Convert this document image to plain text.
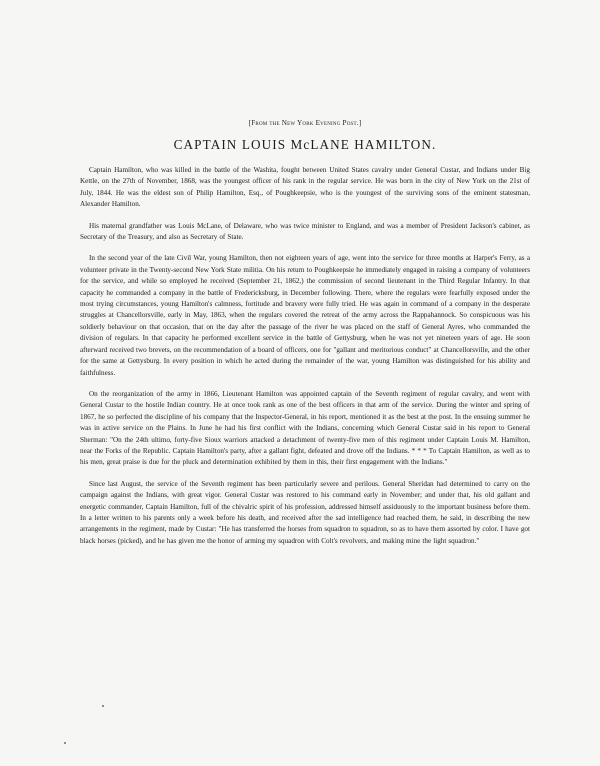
[From the New York Evening Post.]

CAPTAIN LOUIS McLANE HAMILTON.

Captain Hamilton, who was killed in the battle of the Washita, fought between United States cavalry under General Custar, and Indians under Big Kettle, on the 27th of November, 1868, was the youngest officer of his rank in the regular service. He was born in the city of New York on the 21st of July, 1844. He was the eldest son of Philip Hamilton, Esq., of Poughkeepsie, who is the youngest of the surviving sons of the eminent statesman, Alexander Hamilton.

His maternal grandfather was Louis McLane, of Delaware, who was twice minister to England, and was a member of President Jackson's cabinet, as Secretary of the Treasury, and also as Secretary of State.

In the second year of the late Civil War, young Hamilton, then not eighteen years of age, went into the service for three months at Harper's Ferry, as a volunteer private in the Twenty-second New York State militia. On his return to Poughkeepsie he immediately engaged in raising a company of volunteers for the service, and while so employed he received (September 21, 1862,) the commission of second lieutenant in the Third Regular Infantry. In that capacity he commanded a company in the battle of Fredericksburg, in December following. There, where the regulars were fearfully exposed under the most trying circumstances, young Hamilton's calmness, fortitude and bravery were fully tried. He was again in command of a company in the desperate struggles at Chancellorsville, early in May, 1863, when the regulars covered the retreat of the army across the Rappahannock. So conspicuous was his soldierly behaviour on that occasion, that on the day after the passage of the river he was placed on the staff of General Ayres, who commanded the division of regulars. In that capacity he performed excellent service in the battle of Gettysburg, when he was not yet nineteen years of age. He soon afterward received two brevets, on the recommendation of a board of officers, one for "gallant and meritorious conduct" at Chancellorsville, and the other for the same at Gettysburg. In every position in which he acted during the remainder of the war, young Hamilton was distinguished for his ability and faithfulness.

On the reorganization of the army in 1866, Lieutenant Hamilton was appointed captain of the Seventh regiment of regular cavalry, and went with General Custar to the hostile Indian country. He at once took rank as one of the best officers in that arm of the service. During the winter and spring of 1867, he so perfected the discipline of his company that the Inspector-General, in his report, mentioned it as the best at the post. In the ensuing summer he was in active service on the Plains. In June he had his first conflict with the Indians, concerning which General Custar said in his report to General Sherman: "On the 24th ultimo, forty-five Sioux warriors attacked a detachment of twenty-five men of this regiment under Captain Louis M. Hamilton, near the Forks of the Republic. Captain Hamilton's party, after a gallant fight, defeated and drove off the Indians. * * * To Captain Hamilton, as well as to his men, great praise is due for the pluck and determination exhibited by them in this, their first engagement with the Indians."

Since last August, the service of the Seventh regiment has been particularly severe and perilous. General Sheridan had determined to carry on the campaign against the Indians, with great vigor. General Custar was restored to his command early in November; and under that, his old gallant and energetic commander, Captain Hamilton, full of the chivalric spirit of his profession, addressed himself assiduously to the important business before them. In a letter written to his parents only a week before his death, and received after the sad intelligence had reached them, he said, in describing the new arrangements in the regiment, made by Custar: "He has transferred the horses from squadron to squadron, so as to have them assorted by color. I have got black horses (picked), and he has given me the honor of arming my squadron with Colt's revolvers, and making mine the light squadron."
